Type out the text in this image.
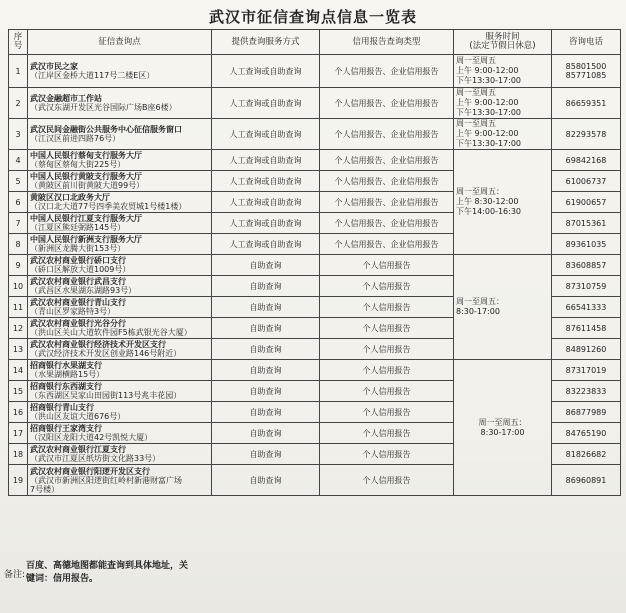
武汉市征信查询点信息一览表
序号	征信查询点	提供查询服务方式	信用报告查询类型	服务时间
(法定节假日休息)	咨询电话
1	武汉市民之家
（江岸区金桥大道117号二楼E区）	人工查询或自助查询	个人信用报告、企业信用报告	周一至周五
上午 9:00-12:00
下午13:30-17:00	85801500
85771085

2	武汉金融超市工作站
（武汉东湖开发区光谷国际广场B座6楼）	人工查询或自助查询	个人信用报告、企业信用报告	周一至周五
上午 9:00-12:00
下午13:30-17:00	86659351
3	武汉民间金融街公共服务中心征信服务窗口
（江汉区前进四路76号）	人工查询或自助查询	个人信用报告、企业信用报告	周一至周五
上午 9:00-12:00
下午13:30-17:00	82293578
4	中国人民银行蔡甸支行服务大厅
（蔡甸区蔡甸大街225号）	人工查询或自助查询	个人信用报告、企业信用报告	周一至周五：
上午 8:30-12:00
下午14:00-16:30	69842168
5	中国人民银行黄陂支行服务大厅
（黄陂区前川街黄陂大道99号）	人工查询或自助查询	个人信用报告、企业信用报告		61006737
6	黄陂区汉口北政务大厅
（汉口北大道77号四季美农贸城1号楼1楼）	人工查询或自助查询	个人信用报告、企业信用报告		61900657
7	中国人民银行江夏支行服务大厅
（江夏区熊廷弼路145号）	人工查询或自助查询	个人信用报告、企业信用报告		87015361
8	中国人民银行新洲支行服务大厅
（新洲区龙腾大街153号）	人工查询或自助查询	个人信用报告、企业信用报告		89361035
9	武汉农村商业银行硚口支行
（硚口区解放大道1009号）	自助查询	个人信用报告	周一至周五：
8:30-17:00	83608857
10	武汉农村商业银行武昌支行
（武昌区水果湖东湖路93号）	自助查询	个人信用报告		87310759
11	武汉农村商业银行青山支行
（青山区罗家路特3号）	自助查询	个人信用报告		66541333
12	武汉农村商业银行光谷分行
（洪山区关山大道软件园F5栋武银光谷大厦）	自助查询	个人信用报告		87611458
13	武汉农村商业银行经济技术开发区支行
（武汉经济技术开发区创业路146号附近）	自助查询	个人信用报告		84891260
14	招商银行水果湖支行
（水果湖横路15号）	自助查询	个人信用报告	周一至周五：
8:30-17:00	87317019
15	招商银行东西湖支行
（东西湖区吴家山田园街113号兆丰花园）	自助查询	个人信用报告		83223833
16	招商银行青山支行
（洪山区友谊大道676号）	自助查询	个人信用报告		86877989
17	招商银行王家湾支行
（汉阳区龙阳大道42号凯悦大厦）	自助查询	个人信用报告		84765190
18	武汉农村商业银行江夏支行
（武汉市江夏区纸坊街文化路33号）	自助查询	个人信用报告		81826682
19	武汉农村商业银行阳逻开发区支行
（武汉市新洲区阳逻街红岭村新港财富广场
7号楼）	自助查询	个人信用报告		86960891
备注:
百度、高德地图都能查询到具体地址，关
键词：信用报告。
